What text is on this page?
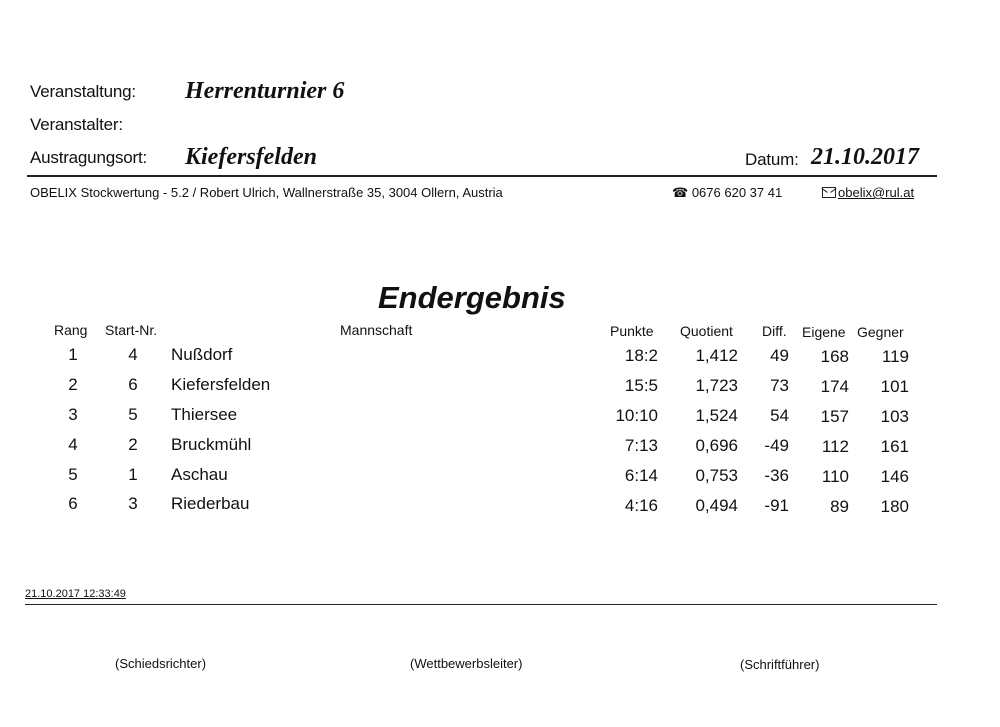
Veranstaltung: Herrenturnier 6
Veranstalter:
Austragungsort: Kiefersfelden	Datum: 21.10.2017
OBELIX Stockwertung - 5.2 / Robert Ulrich, Wallnerstraße 35, 3004 Ollern, Austria	☎ 0676 620 37 41	obelix@rul.at
Endergebnis
Rang Start-Nr.	Mannschaft	Punkte Quotient Diff. Eigene Gegner
1	4	Nußdorf	18:2	1,412	49	168	119
2	6	Kiefersfelden	15:5	1,723	73	174	101
3	5	Thiersee	10:10	1,524	54	157	103
4	2	Bruckmühl	7:13	0,696	-49	112	161
5	1	Aschau	6:14	0,753	-36	110	146
6	3	Riederbau	4:16	0,494	-91	89	180
21.10.2017 12:33:49
(Schiedsrichter)	(Wettbewerbsleiter)	(Schriftführer)
